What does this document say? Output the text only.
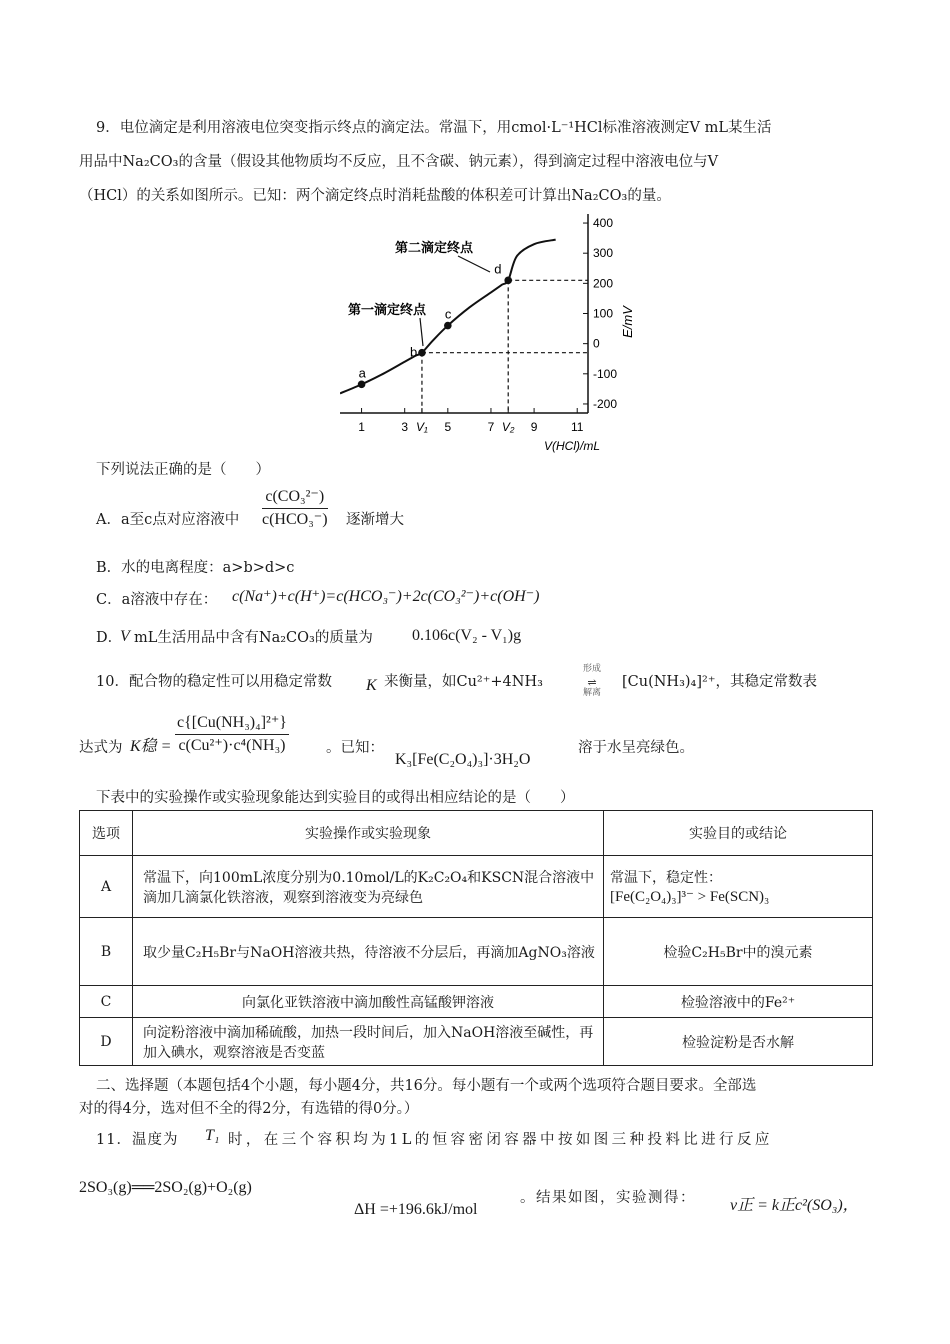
9．电位滴定是利用溶液电位突变指示终点的滴定法。常温下，用cmol·L⁻¹HCl标准溶液测定V mL某生活
用品中Na₂CO₃的含量（假设其他物质均不反应，且不含碳、钠元素），得到滴定过程中溶液电位与V
（HCl）的关系如图所示。已知：两个滴定终点时消耗盐酸的体积差可计算出Na₂CO₃的量。
a
b
c
d
1	3 V₁ 5	7 V₂ 9	11
400
300
200
100
0
-100
-200
V(HCl)/mL
E/mV
第一滴定终点
第二滴定终点
下列说法正确的是（　　）
A．a至c点对应溶液中
c(CO₃²⁻)
c(HCO₃⁻) 逐渐增大
B．水的电离程度：a>b>d>c
C．a溶液中存在： c(Na⁺)+c(H⁺)=c(HCO₃⁻)+2c(CO₃²⁻)+c(OH⁻)
D．
V mL生活用品中含有Na₂CO₃的质量为 0.106c(V₂ - V₁)g
10．配合物的稳定性可以用稳定常数 K 来衡量，如Cu²⁺+4NH₃
形成
⇌
解离
[Cu(NH₃)₄]²⁺，其稳定常数表
达式为 K稳 = $\frac{\text{c\{[Cu(NH₃)₄]²⁺\}}}{\text{c(Cu²⁺)·c⁴(NH₃)}}$	。已知：
K₃[Fe(C₂O₄)₃]·3H₂O
溶于水呈亮绿色。
下表中的实验操作或实验现象能达到实验目的或得出相应结论的是（　　）
选项	实验操作或实验现象	实验目的或结论
A	常温下，向100mL浓度分别为0.10mol/L的K₂C₂O₄和KSCN混合溶液中滴加几滴氯化铁溶液，观察到溶液变为亮绿色	常温下，稳定性：
[Fe(C₂O₄)₃]³⁻ > Fe(SCN)₃

B	取少量C₂H₅Br与NaOH溶液共热，待溶液不分层后，再滴加AgNO₃溶液	检验C₂H₅Br中的溴元素
C	向氯化亚铁溶液中滴加酸性高锰酸钾溶液	检验溶液中的Fe²⁺
D	向淀粉溶液中滴加稀硫酸，加热一段时间后，加入NaOH溶液至碱性，再加入碘水，观察溶液是否变蓝	检验淀粉是否水解
二、选择题（本题包括4个小题，每小题4分，共16分。每小题有一个或两个选项符合题目要求。全部选
对的得4分，选对但不全的得2分，有选错的得0分。）
11．温度为 T₁ 时，在三个容积均为1L的恒容密闭容器中按如图三种投料比进行反应
2SO₃(g)══2SO₂(g)+O₂(g)
ΔH =+196.6kJ/mol
。结果如图，实验测得： v正 = k正c²(SO₃)，
